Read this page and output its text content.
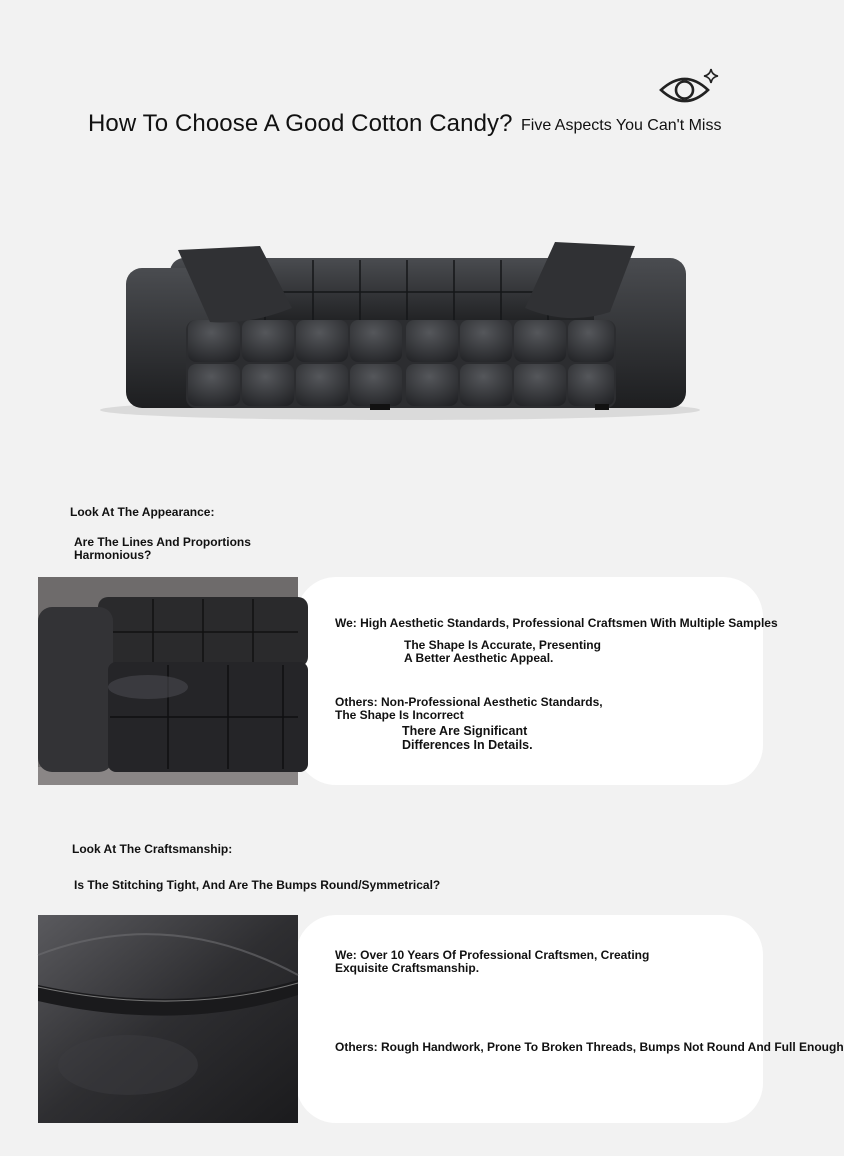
How To Choose A Good Cotton Candy? Five Aspects You Can't Miss
Look At The Appearance:
Are The Lines And Proportions Harmonious?
We: High Aesthetic Standards, Professional Craftsmen With Multiple Samples
The Shape Is Accurate, Presenting A Better Aesthetic Appeal.
Others: Non-Professional Aesthetic Standards, The Shape Is Incorrect
There Are Significant Differences In Details.
Look At The Craftsmanship:
Is The Stitching Tight, And Are The Bumps Round/Symmetrical?
We: Over 10 Years Of Professional Craftsmen, Creating Exquisite Craftsmanship.
Others: Rough Handwork, Prone To Broken Threads, Bumps Not Round And Full Enough
